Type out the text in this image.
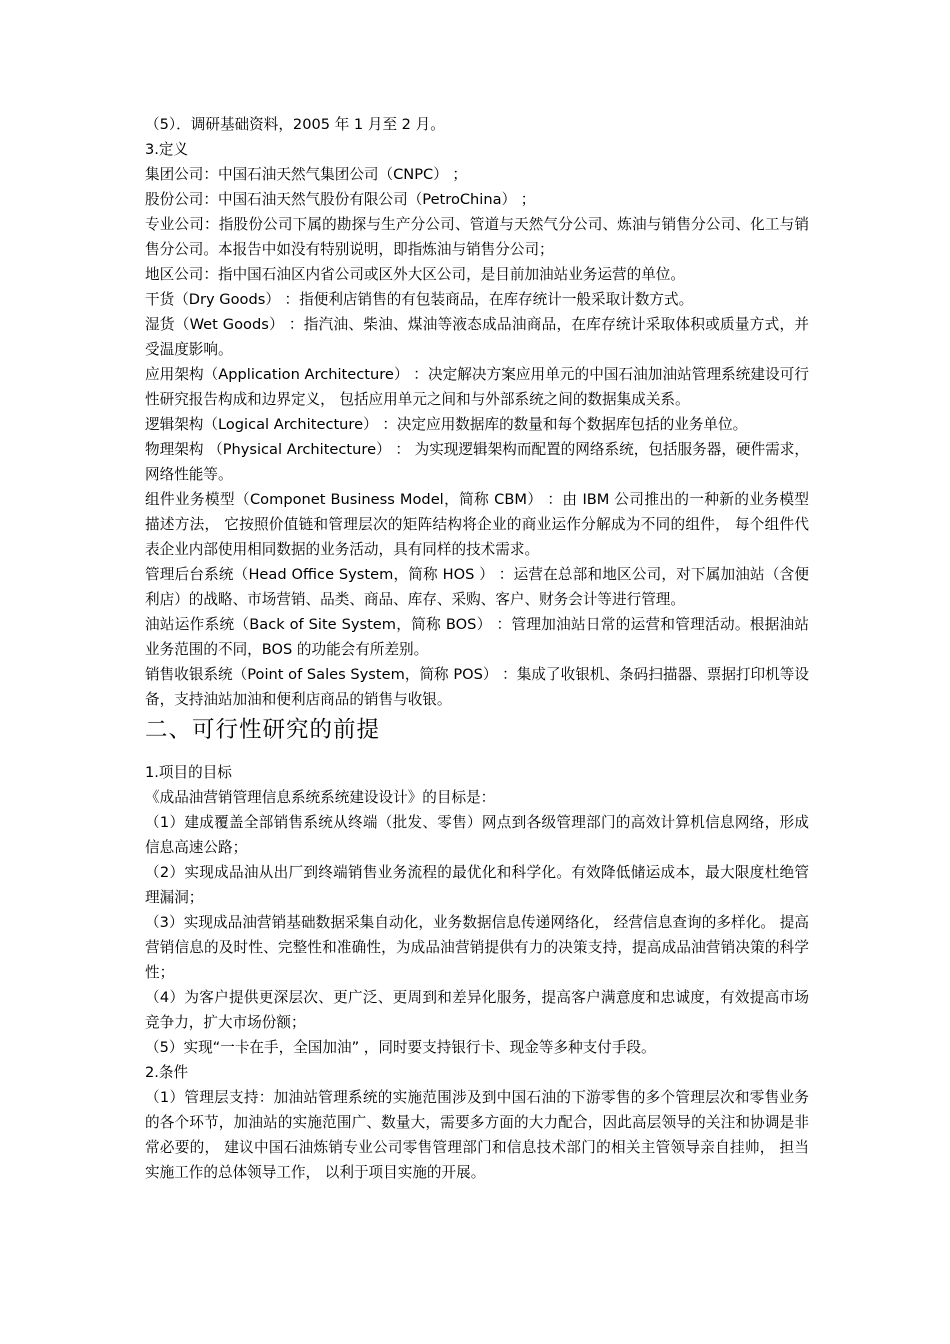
（5）．调研基础资料，2005 年 1 月至 2 月。

3.定义

集团公司：中国石油天然气集团公司（CNPC） ；

股份公司：中国石油天然气股份有限公司（PetroChina） ；

专业公司：指股份公司下属的勘探与生产分公司、管道与天然气分公司、炼油与销售分公司、化工与销售分公司。本报告中如没有特别说明，即指炼油与销售分公司；

地区公司：指中国石油区内省公司或区外大区公司，是目前加油站业务运营的单位。

干货（Dry Goods） ：指便利店销售的有包装商品，在库存统计一般采取计数方式。

湿货（Wet Goods） ：指汽油、柴油、煤油等液态成品油商品，在库存统计采取体积或质量方式，并受温度影响。

应用架构（Application Architecture） ：决定解决方案应用单元的中国石油加油站管理系统建设可行性研究报告构成和边界定义， 包括应用单元之间和与外部系统之间的数据集成关系。

逻辑架构（Logical Architecture） ：决定应用数据库的数量和每个数据库包括的业务单位。

物理架构 （Physical Architecture） ： 为实现逻辑架构而配置的网络系统，包括服务器，硬件需求，网络性能等。

组件业务模型（Componet Business Model，简称 CBM） ：由 IBM 公司推出的一种新的业务模型描述方法， 它按照价值链和管理层次的矩阵结构将企业的商业运作分解成为不同的组件， 每个组件代表企业内部使用相同数据的业务活动，具有同样的技术需求。

管理后台系统（Head Office System，简称 HOS ） ：运营在总部和地区公司，对下属加油站（含便利店）的战略、市场营销、品类、商品、库存、采购、客户、财务会计等进行管理。

油站运作系统（Back of Site System，简称 BOS） ：管理加油站日常的运营和管理活动。根据油站业务范围的不同，BOS 的功能会有所差别。

销售收银系统（Point of Sales System，简称 POS） ：集成了收银机、条码扫描器、票据打印机等设备，支持油站加油和便利店商品的销售与收银。

二、可行性研究的前提

1.项目的目标

《成品油营销管理信息系统系统建设设计》的目标是：

（1）建成覆盖全部销售系统从终端（批发、零售）网点到各级管理部门的高效计算机信息网络，形成信息高速公路；

（2）实现成品油从出厂到终端销售业务流程的最优化和科学化。有效降低储运成本，最大限度杜绝管理漏洞；

（3）实现成品油营销基础数据采集自动化，业务数据信息传递网络化， 经营信息查询的多样化。 提高营销信息的及时性、完整性和准确性，为成品油营销提供有力的决策支持，提高成品油营销决策的科学性；

（4）为客户提供更深层次、更广泛、更周到和差异化服务，提高客户满意度和忠诚度，有效提高市场竞争力，扩大市场份额；

（5）实现“一卡在手，全国加油” ，同时要支持银行卡、现金等多种支付手段。

2.条件

（1）管理层支持：加油站管理系统的实施范围涉及到中国石油的下游零售的多个管理层次和零售业务的各个环节，加油站的实施范围广、数量大，需要多方面的大力配合，因此高层领导的关注和协调是非常必要的， 建议中国石油炼销专业公司零售管理部门和信息技术部门的相关主管领导亲自挂帅， 担当实施工作的总体领导工作， 以利于项目实施的开展。
